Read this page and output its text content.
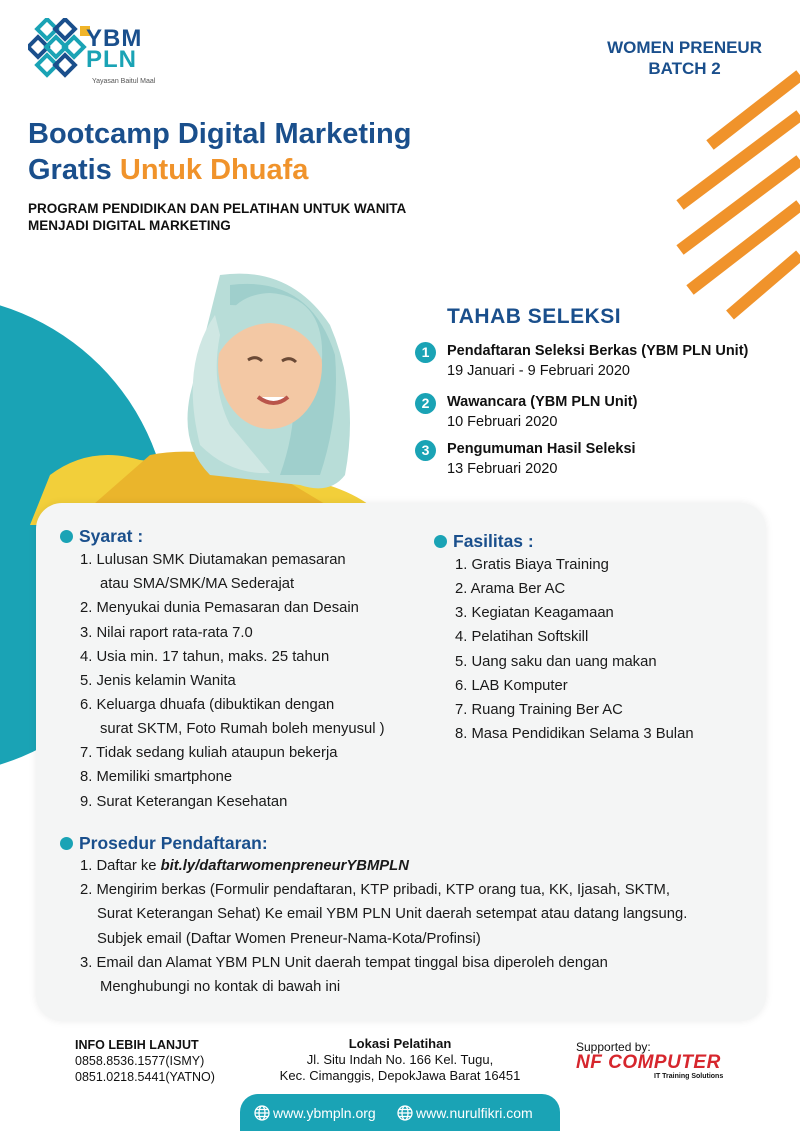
YBM
PLN
Yayasan Baitul Maal
WOMEN PRENEUR
BATCH 2
Bootcamp Digital Marketing
Gratis Untuk Dhuafa
PROGRAM PENDIDIKAN DAN PELATIHAN UNTUK WANITA
MENJADI DIGITAL MARKETING
TAHAB SELEKSI
1	Pendaftaran Seleksi Berkas (YBM PLN Unit)
19 Januari - 9 Februari 2020
2	Wawancara (YBM PLN Unit)
10 Februari 2020
3	Pengumuman Hasil Seleksi
13 Februari 2020
Syarat :
1. Lulusan SMK Diutamakan pemasaran
atau SMA/SMK/MA Sederajat
2. Menyukai dunia Pemasaran dan Desain
3. Nilai raport rata-rata 7.0
4. Usia min. 17 tahun, maks. 25 tahun
5. Jenis kelamin Wanita
6. Keluarga dhuafa (dibuktikan dengan
surat SKTM, Foto Rumah boleh menyusul )
7. Tidak sedang kuliah ataupun bekerja
8. Memiliki smartphone
9. Surat Keterangan Kesehatan
Fasilitas :
1. Gratis Biaya Training
2. Arama Ber AC
3. Kegiatan Keagamaan
4. Pelatihan Softskill
5. Uang saku dan uang makan
6. LAB Komputer
7. Ruang Training Ber AC
8. Masa Pendidikan Selama 3 Bulan
Prosedur Pendaftaran:
1. Daftar ke bit.ly/daftarwomenpreneurYBMPLN
2. Mengirim berkas (Formulir pendaftaran, KTP pribadi, KTP orang tua, KK, Ijasah, SKTM,
Surat Keterangan Sehat) Ke email YBM PLN Unit daerah setempat atau datang langsung.
Subjek email (Daftar Women Preneur-Nama-Kota/Profinsi)
3. Email dan Alamat YBM PLN Unit daerah tempat tinggal bisa diperoleh dengan
Menghubungi no kontak di bawah ini
INFO LEBIH LANJUT
0858.8536.1577(ISMY)
0851.0218.5441(YATNO)
Lokasi Pelatihan
Jl. Situ Indah No. 166 Kel. Tugu,
Kec. Cimanggis, DepokJawa Barat 16451
Supported by:
NF COMPUTER
IT Training Solutions
www.ybmpln.org	www.nurulfikri.com
